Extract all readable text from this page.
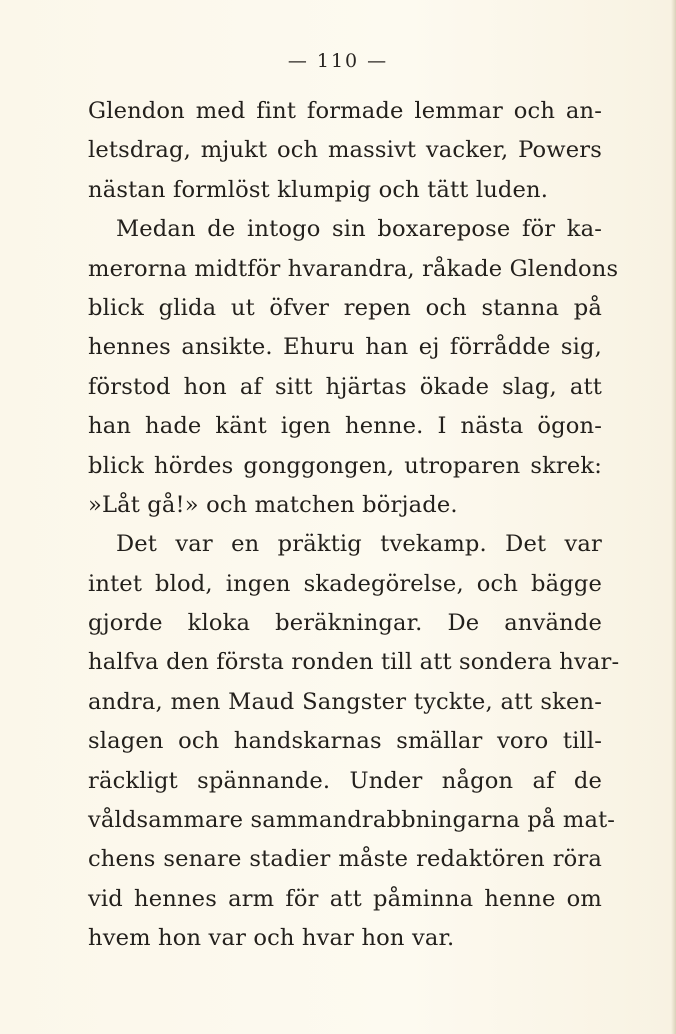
— 110 —
Glendon med fint formade lemmar och an-
letsdrag, mjukt och massivt vacker, Powers
nästan formlöst klumpig och tätt luden.
Medan de intogo sin boxarepose för ka-
merorna midtför hvarandra, råkade Glendons
blick glida ut öfver repen och stanna på
hennes ansikte. Ehuru han ej förrådde sig,
förstod hon af sitt hjärtas ökade slag, att
han hade känt igen henne. I nästa ögon-
blick hördes gonggongen, utroparen skrek:
»Låt gå!» och matchen började.
Det var en präktig tvekamp. Det var
intet blod, ingen skadegörelse, och bägge
gjorde kloka beräkningar. De använde
halfva den första ronden till att sondera hvar-
andra, men Maud Sangster tyckte, att sken-
slagen och handskarnas smällar voro till-
räckligt spännande. Under någon af de
våldsammare sammandrabbningarna på mat-
chens senare stadier måste redaktören röra
vid hennes arm för att påminna henne om
hvem hon var och hvar hon var.
